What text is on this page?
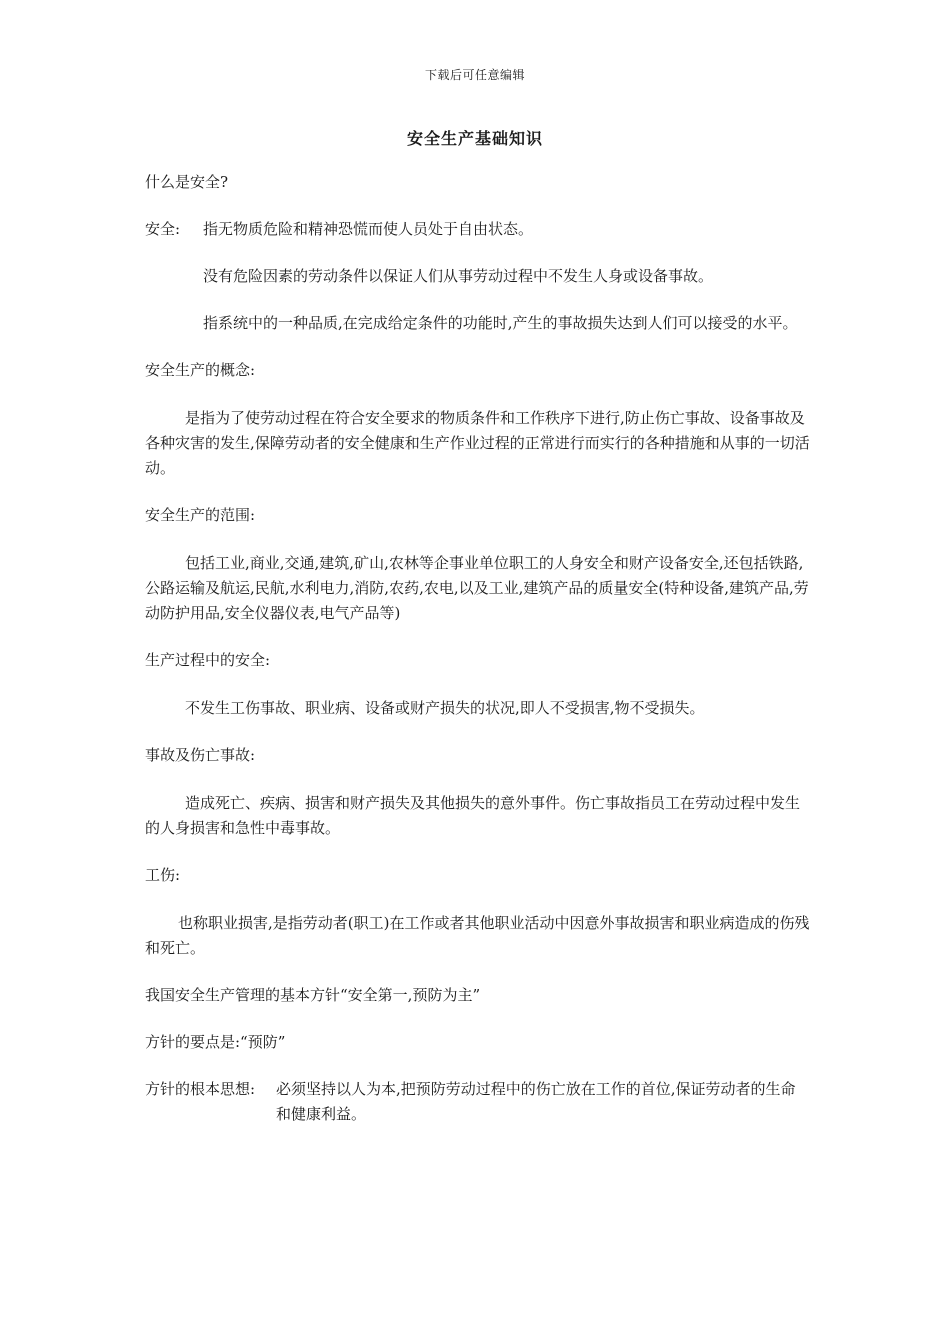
下载后可任意编辑
安全生产基础知识

什么是安全?

安全:	指无物质危险和精神恐慌而使人员处于自由状态。

没有危险因素的劳动条件以保证人们从事劳动过程中不发生人身或设备事故。

指系统中的一种品质,在完成给定条件的功能时,产生的事故损失达到人们可以接受的水平。

安全生产的概念:

是指为了使劳动过程在符合安全要求的物质条件和工作秩序下进行,防止伤亡事故、设备事故及各种灾害的发生,保障劳动者的安全健康和生产作业过程的正常进行而实行的各种措施和从事的一切活动。

安全生产的范围:

包括工业,商业,交通,建筑,矿山,农林等企事业单位职工的人身安全和财产设备安全,还包括铁路,公路运输及航运,民航,水利电力,消防,农药,农电,以及工业,建筑产品的质量安全(特种设备,建筑产品,劳动防护用品,安全仪器仪表,电气产品等)

生产过程中的安全:

不发生工伤事故、职业病、设备或财产损失的状况,即人不受损害,物不受损失。

事故及伤亡事故:

造成死亡、疾病、损害和财产损失及其他损失的意外事件。伤亡事故指员工在劳动过程中发生的人身损害和急性中毒事故。

工伤:

也称职业损害,是指劳动者(职工)在工作或者其他职业活动中因意外事故损害和职业病造成的伤残和死亡。

我国安全生产管理的基本方针“安全第一,预防为主”

方针的要点是:“预防”

方针的根本思想:	必须坚持以人为本,把预防劳动过程中的伤亡放在工作的首位,保证劳动者的生命和健康利益。
